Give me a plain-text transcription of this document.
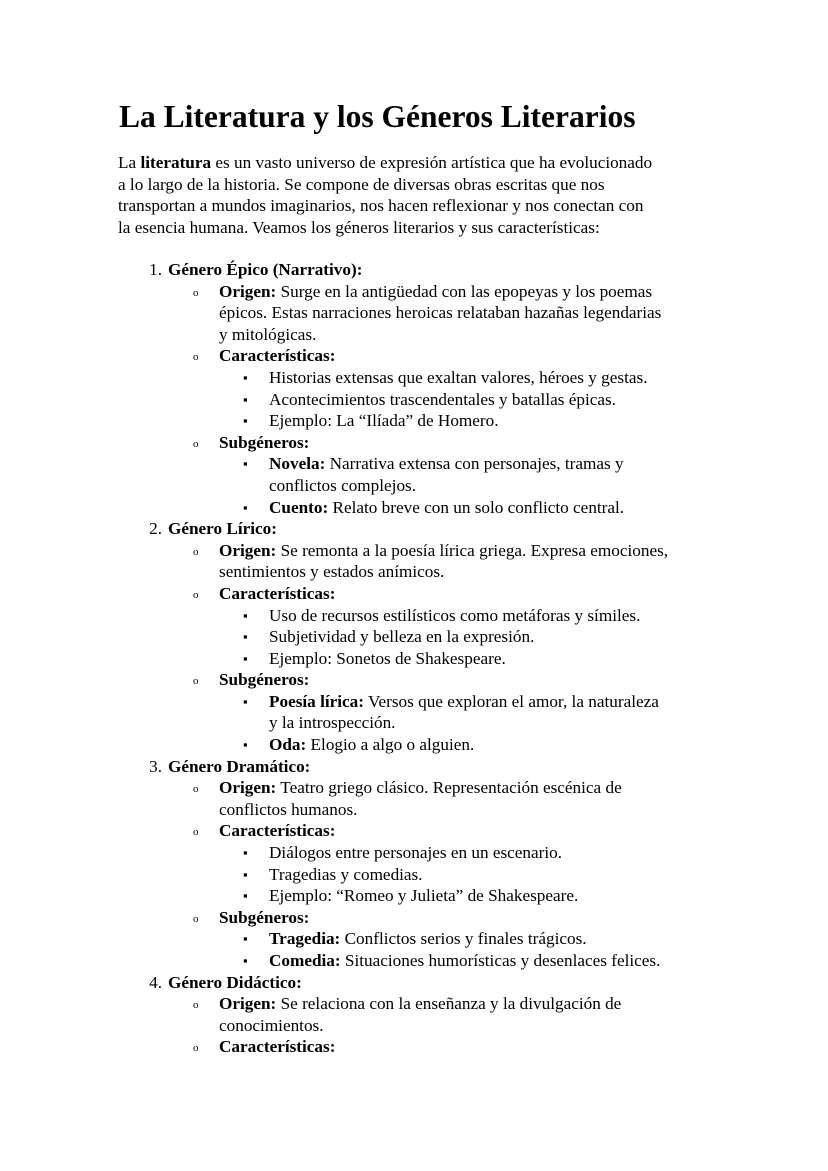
La Literatura y los Géneros Literarios

La literatura es un vasto universo de expresión artística que ha evolucionado
a lo largo de la historia. Se compone de diversas obras escritas que nos
transportan a mundos imaginarios, nos hacen reflexionar y nos conectan con
la esencia humana. Veamos los géneros literarios y sus características:

1. Género Épico (Narrativo):
o Origen: Surge en la antigüedad con las epopeyas y los poemas
épicos. Estas narraciones heroicas relataban hazañas legendarias
y mitológicas.
o Características:
▪ Historias extensas que exaltan valores, héroes y gestas.
▪ Acontecimientos trascendentales y batallas épicas.
▪ Ejemplo: La “Ilíada” de Homero.
o Subgéneros:
▪ Novela: Narrativa extensa con personajes, tramas y
conflictos complejos.
▪ Cuento: Relato breve con un solo conflicto central.
2. Género Lírico:
o Origen: Se remonta a la poesía lírica griega. Expresa emociones,
sentimientos y estados anímicos.
o Características:
▪ Uso de recursos estilísticos como metáforas y símiles.
▪ Subjetividad y belleza en la expresión.
▪ Ejemplo: Sonetos de Shakespeare.
o Subgéneros:
▪ Poesía lírica: Versos que exploran el amor, la naturaleza
y la introspección.
▪ Oda: Elogio a algo o alguien.
3. Género Dramático:
o Origen: Teatro griego clásico. Representación escénica de
conflictos humanos.
o Características:
▪ Diálogos entre personajes en un escenario.
▪ Tragedias y comedias.
▪ Ejemplo: “Romeo y Julieta” de Shakespeare.
o Subgéneros:
▪ Tragedia: Conflictos serios y finales trágicos.
▪ Comedia: Situaciones humorísticas y desenlaces felices.
4. Género Didáctico:
o Origen: Se relaciona con la enseñanza y la divulgación de
conocimientos.
o Características:
